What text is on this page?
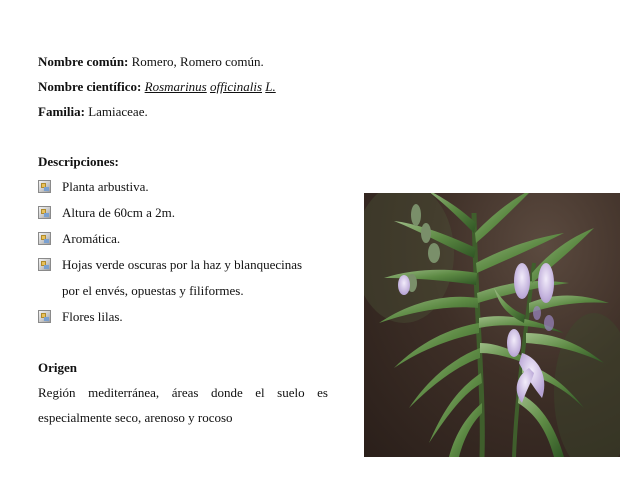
Nombre común: Romero, Romero común.
Nombre científico: Rosmarinus officinalis L.
Familia: Lamiaceae.
Descripciones:
Planta arbustiva.
Altura de 60cm a 2m.
Aromática.
Hojas verde oscuras por la haz y blanquecinas
por el envés, opuestas y filiformes.
Flores lilas.
Origen
Región mediterránea, áreas donde el suelo es
especialmente seco, arenoso y rocoso
